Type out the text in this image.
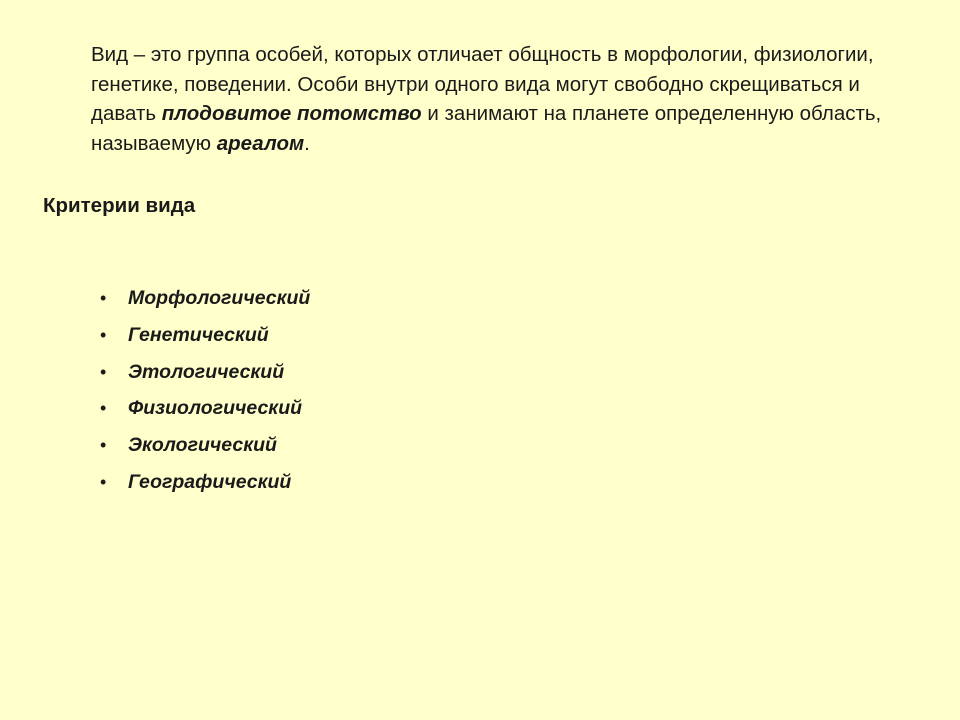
Вид – это группа особей, которых отличает общность в морфологии, физиологии, генетике, поведении. Особи внутри одного вида могут свободно скрещиваться и давать плодовитое потомство и занимают на планете определенную область, называемую ареалом.

Критерии вида
• Морфологический
• Генетический
• Этологический
• Физиологический
• Экологический
• Географический
